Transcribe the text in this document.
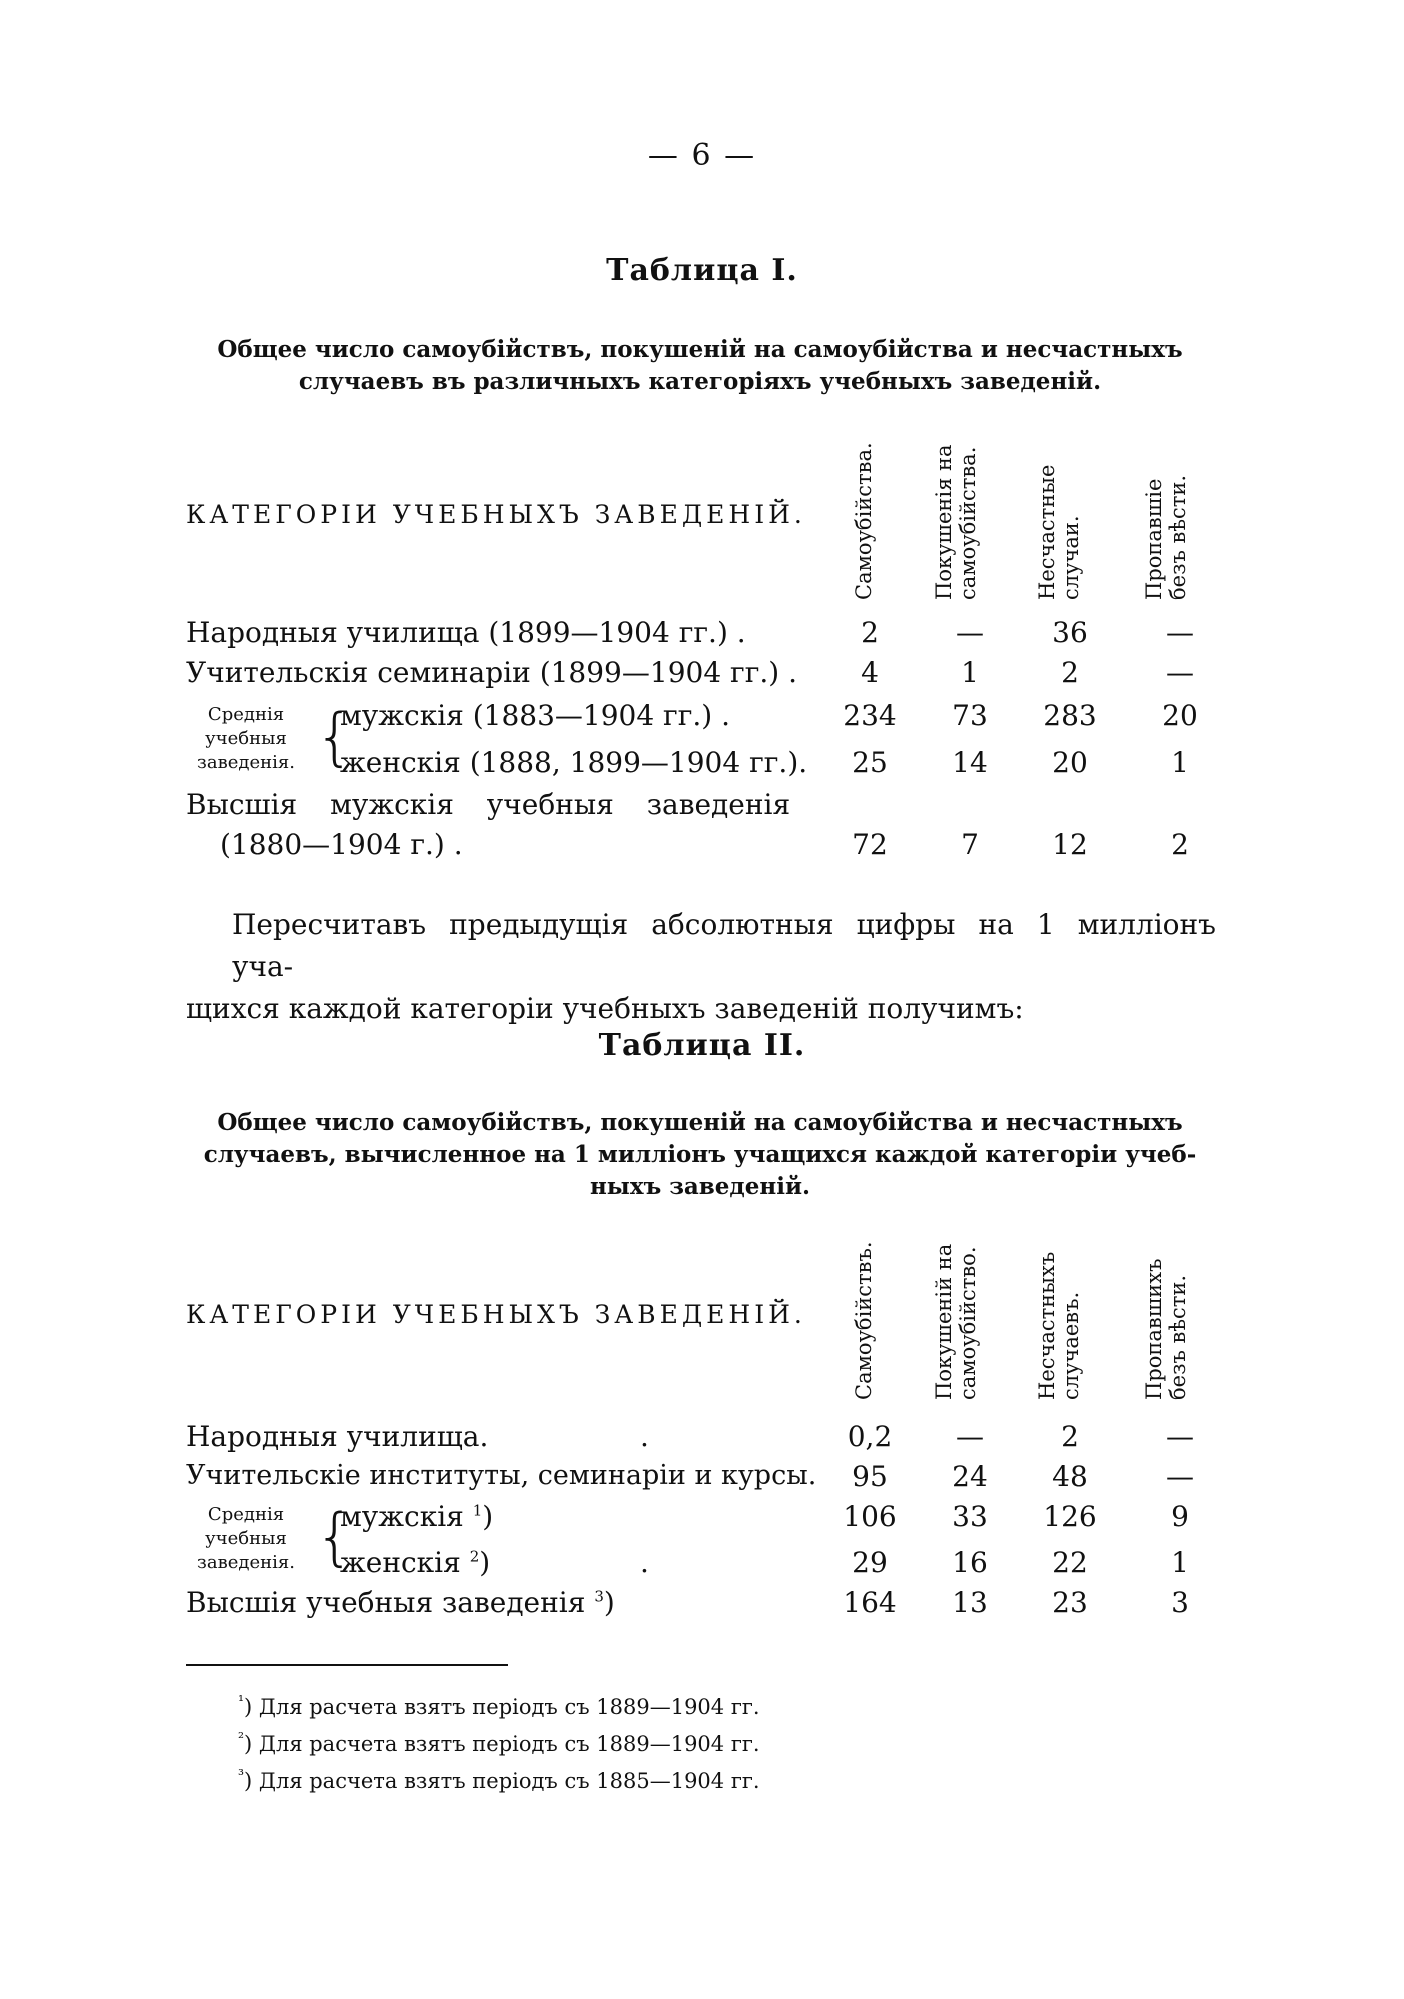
— 6 —
Таблица I.
Общее число самоубійствъ, покушеній на самоубійства и несчастныхъ
случаевъ въ различныхъ категоріяхъ учебныхъ заведеній.
КАТЕГОРІИ УЧЕБНЫХЪ ЗАВЕДЕНІЙ. Самоубійства.	Покушенія на самоубійства.	Несчастные случаи.	Пропавшіе безъ вѣсти.
Народныя училища (1899—1904 гг.) .	2	—	36	—
Учительскія семинаріи (1899—1904 гг.) .	4	1	2	—
Среднія
учебныя
заведенія. {
мужскія (1883—1904 гг.) .	234	73	283	20
женскія (1888, 1899—1904 гг.).	25	14	20	1
Высшія мужскія учебныя заведенія
(1880—1904 г.) .	72	7	12	2
Пересчитавъ предыдущія абсолютныя цифры на 1 милліонъ уча-
щихся каждой категоріи учебныхъ заведеній получимъ:
Таблица II.
Общее число самоубійствъ, покушеній на самоубійства и несчастныхъ
случаевъ, вычисленное на 1 милліонъ учащихся каждой категоріи учеб-
ныхъ заведеній.
КАТЕГОРІИ УЧЕБНЫХЪ ЗАВЕДЕНІЙ. Самоубійствъ.	Покушеній на самоубійство.	Несчастныхъ случаевъ.	Пропавшихъ безъ вѣсти.
Народныя училища.	.	0,2	—	2	—
Учительскіе институты, семинаріи и курсы.	95	24	48	—
Среднія
учебныя
заведенія. {
мужскія $^1$)	106	33	126	9
женскія $^2$)	.	29	16	22	1
Высшія учебныя заведенія $^3$)	164	13	23	3
$^{^1}$) Для расчета взятъ періодъ съ 1889—1904 гг.
$^{^2}$) Для расчета взятъ періодъ съ 1889—1904 гг.
$^{^3}$) Для расчета взятъ періодъ съ 1885—1904 гг.
